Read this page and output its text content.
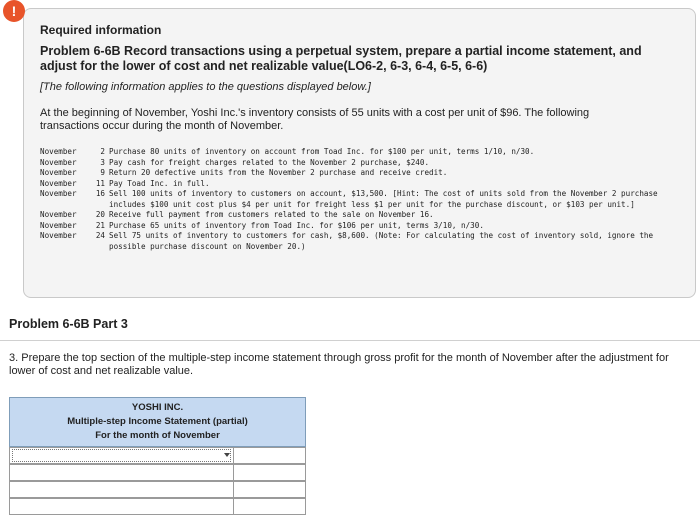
!
Required information
Problem 6-6B Record transactions using a perpetual system, prepare a partial income statement, and adjust for the lower of cost and net realizable value(LO6-2, 6-3, 6-4, 6-5, 6-6)
[The following information applies to the questions displayed below.]
At the beginning of November, Yoshi Inc.'s inventory consists of 55 units with a cost per unit of $96. The following transactions occur during the month of November.
November	2 Purchase 80 units of inventory on account from Toad Inc. for $100 per unit, terms 1/10, n/30.
November	3 Pay cash for freight charges related to the November 2 purchase, $240.
November	9 Return 20 defective units from the November 2 purchase and receive credit.
November	11 Pay Toad Inc. in full.
November	16 Sell 100 units of inventory to customers on account, $13,500. [Hint: The cost of units sold from the November 2 purchase includes $100 unit cost plus $4 per unit for freight less $1 per unit for the purchase discount, or $103 per unit.]
November	20 Receive full payment from customers related to the sale on November 16.
November	21 Purchase 65 units of inventory from Toad Inc. for $106 per unit, terms 3/10, n/30.
November	24 Sell 75 units of inventory to customers for cash, $8,600. (Note: For calculating the cost of inventory sold, ignore the possible purchase discount on November 20.)
Problem 6-6B Part 3
3. Prepare the top section of the multiple-step income statement through gross profit for the month of November after the adjustment for lower of cost and net realizable value.
YOSHI INC.
Multiple-step Income Statement (partial)
For the month of November
